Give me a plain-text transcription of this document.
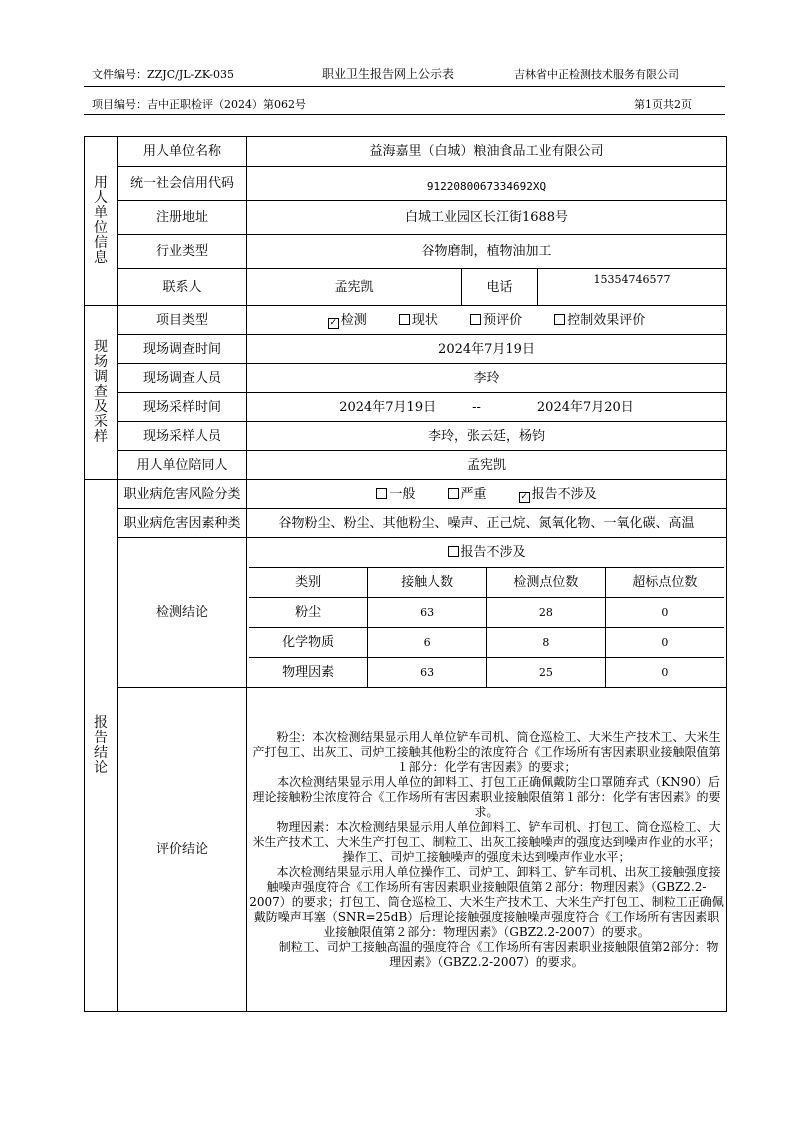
文件编号：ZZJC/JL-ZK-035	职业卫生报告网上公示表	吉林省中正检测技术服务有限公司
项目编号：吉中正职检评（2024）第062号	第1页共2页
用
人
单
位
信
息
	用人单位名称	益海嘉里（白城）粮油食品工业有限公司
统一社会信用代码	9122080067334692XQ
注册地址	白城工业园区长江街1688号
行业类型	谷物磨制，植物油加工
联系人	孟宪凯	电话	15354746577

现
场
调
查
及
采
样
	项目类型	✓ 检测	现状	预评价	控制效果评价
现场调查时间	2024年7月19日
现场调查人员	李玲
现场采样时间	2024年7月19日	--	2024年7月20日
现场采样人员	李玲，张云廷，杨钧
用人单位陪同人	孟宪凯

报
告
结
论
	职业病危害风险分类	一般	严重	✓ 报告不涉及
职业病危害因素种类	谷物粉尘、粉尘、其他粉尘、噪声、正己烷、氮氧化物、一氧化碳、高温
检测结论	
报告不涉及
类别	接触人数	检测点位数	超标点位数
粉尘	63	28	0
化学物质	6	8	0
物理因素	63	25	0

评价结论	

粉尘：本次检测结果显示用人单位铲车司机、筒仓巡检工、大米生产技术工、大米生产打包工、出灰工、司炉工接触其他粉尘的浓度符合《工作场所有害因素职业接触限值第１部分：化学有害因素》的要求；

本次检测结果显示用人单位的卸料工、打包工正确佩戴防尘口罩随弃式（KN90）后理论接触粉尘浓度符合《工作场所有害因素职业接触限值第１部分：化学有害因素》的要求。

物理因素：本次检测结果显示用人单位卸料工、铲车司机、打包工、筒仓巡检工、大米生产技术工、大米生产打包工、制粒工、出灰工接触噪声的强度达到噪声作业的水平；操作工、司炉工接触噪声的强度未达到噪声作业水平；

本次检测结果显示用人单位操作工、司炉工、卸料工、铲车司机、出灰工接触强度接触噪声强度符合《工作场所有害因素职业接触限值第２部分：物理因素》（GBZ2.2-2007）的要求；打包工、筒仓巡检工、大米生产技术工、大米生产打包工、制粒工正确佩戴防噪声耳塞（SNR=25dB）后理论接触强度接触噪声强度符合《工作场所有害因素职业接触限值第２部分：物理因素》（GBZ2.2-2007）的要求。

制粒工、司炉工接触高温的强度符合《工作场所有害因素职业接触限值第2部分：物理因素》（GBZ2.2-2007）的要求。
